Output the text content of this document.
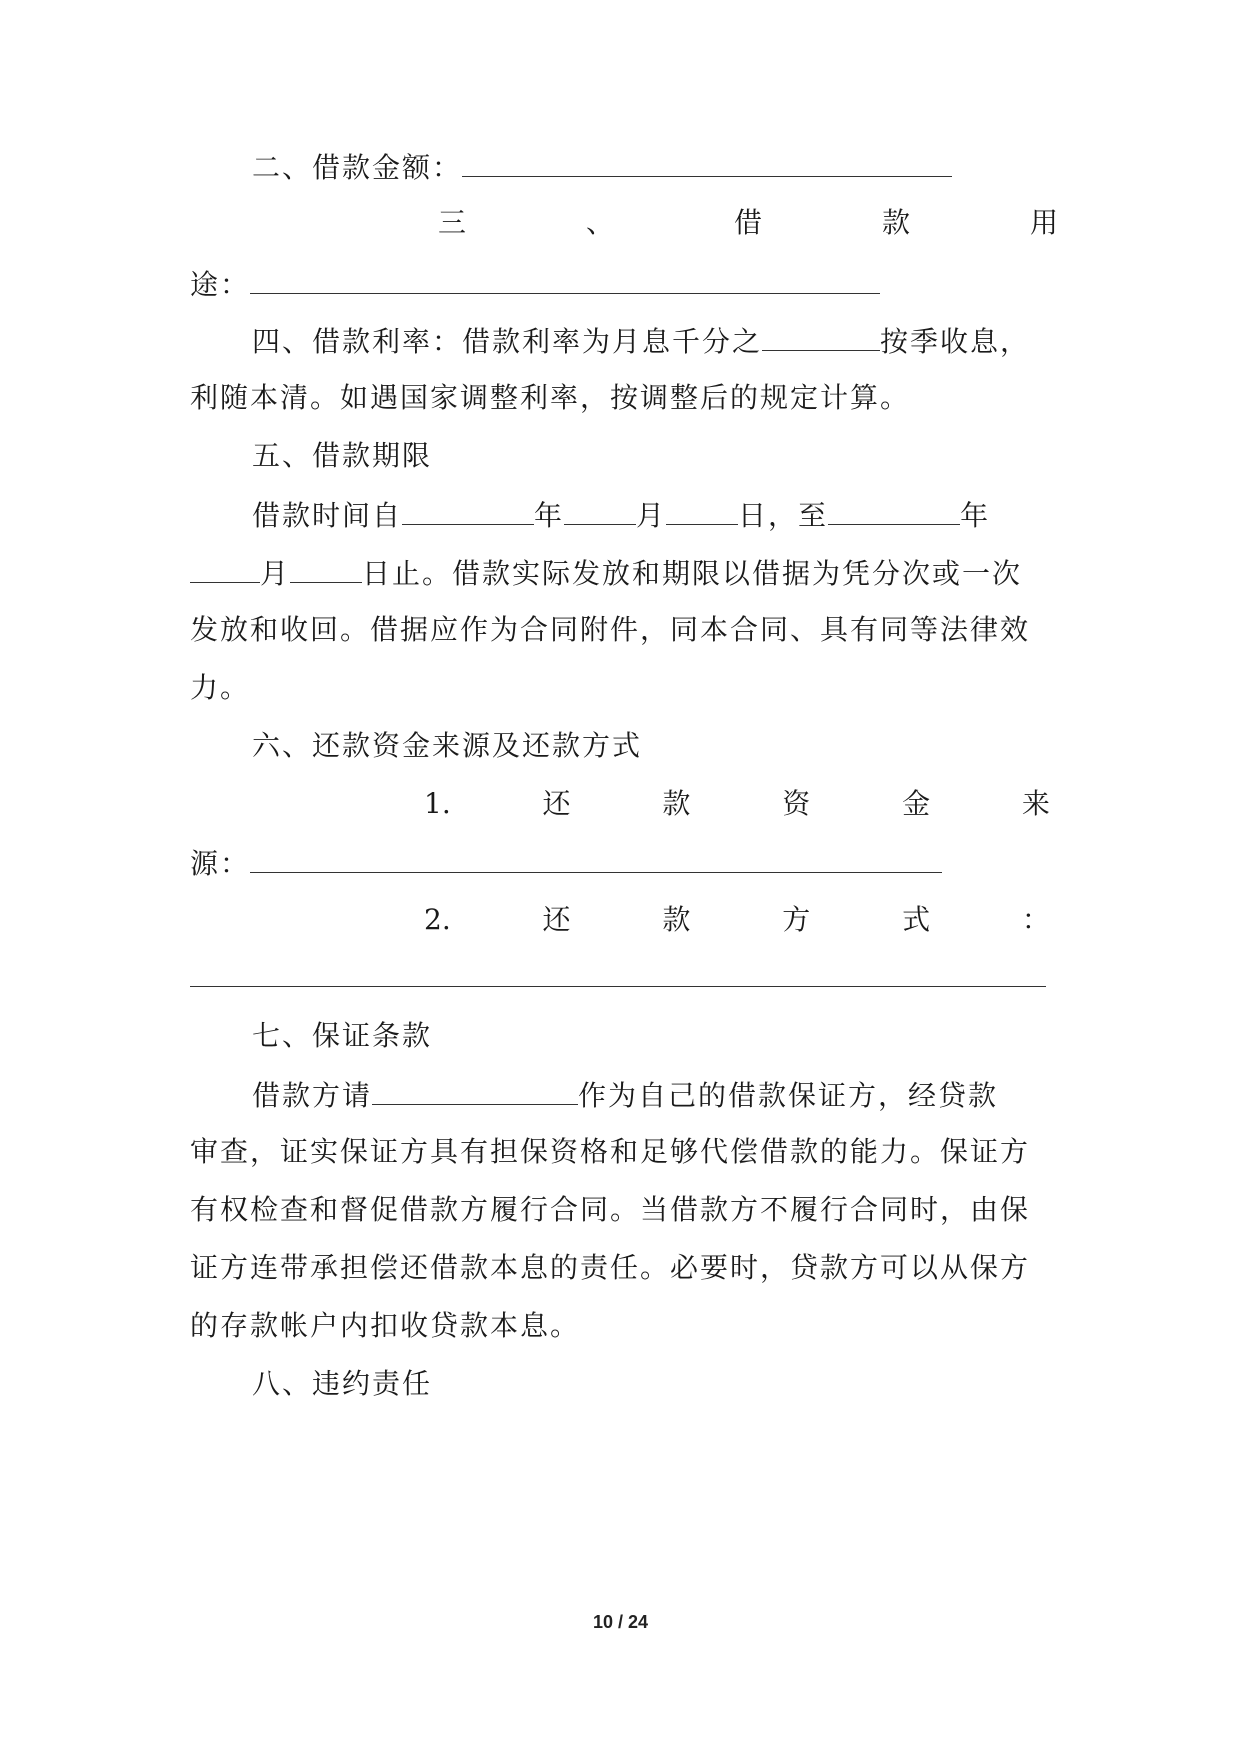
二、借款金额：
三	、	借	款	用
途：
四、借款利率：借款利率为月息千分之	按季收息，
利随本清。如遇国家调整利率，按调整后的规定计算。
五、借款期限
借款时间自	年	月	日，至	年
月	日止。借款实际发放和期限以借据为凭分次或一次
发放和收回。借据应作为合同附件，同本合同、具有同等法律效
力。
六、还款资金来源及还款方式
1.	还	款	资	金	来
源：
2.	还	款	方	式	：
七、保证条款
借款方请	作为自己的借款保证方，经贷款
审查，证实保证方具有担保资格和足够代偿借款的能力。保证方
有权检查和督促借款方履行合同。当借款方不履行合同时，由保
证方连带承担偿还借款本息的责任。必要时，贷款方可以从保方
的存款帐户内扣收贷款本息。
八、违约责任
10 / 24
